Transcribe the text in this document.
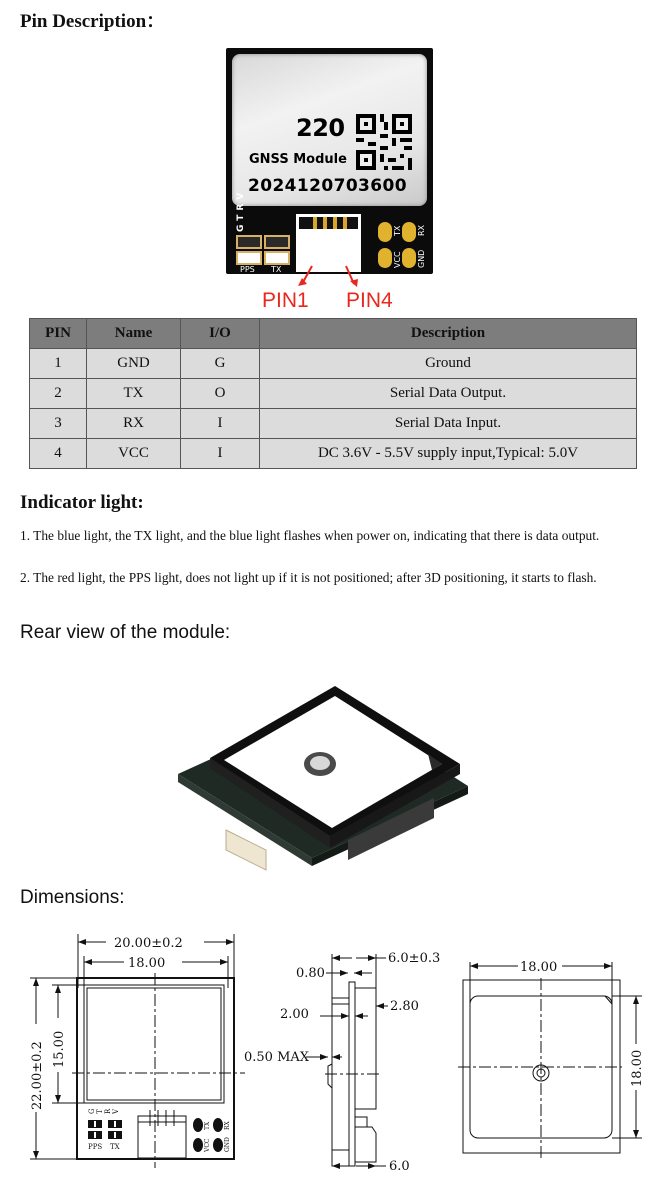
Pin Description：
220
GNSS Module
2024120703600
GTRV
PPS TX
TX RX
VCC GND
PIN1 PIN4
PIN	Name	I/O	Description
1	GND	G	Ground
2	TX	O	Serial Data Output.
3	RX	I	Serial Data Input.
4	VCC	I	DC 3.6V - 5.5V supply input,Typical: 5.0V
Indicator light:
1. The blue light, the TX light, and the blue light flashes when power on, indicating that there is data output.
2. The red light, the PPS light, does not light up if it is not positioned; after 3D positioning, it starts to flash.
Rear view of the module:
Dimensions:
20.00±0.2
18.00
22.00±0.2 15.00
G T R V
PPS TX
TX RX
VCC GND
6.0±0.3
0.80
2.00
2.80
0.50 MAX
6.0
18.00
18.00
